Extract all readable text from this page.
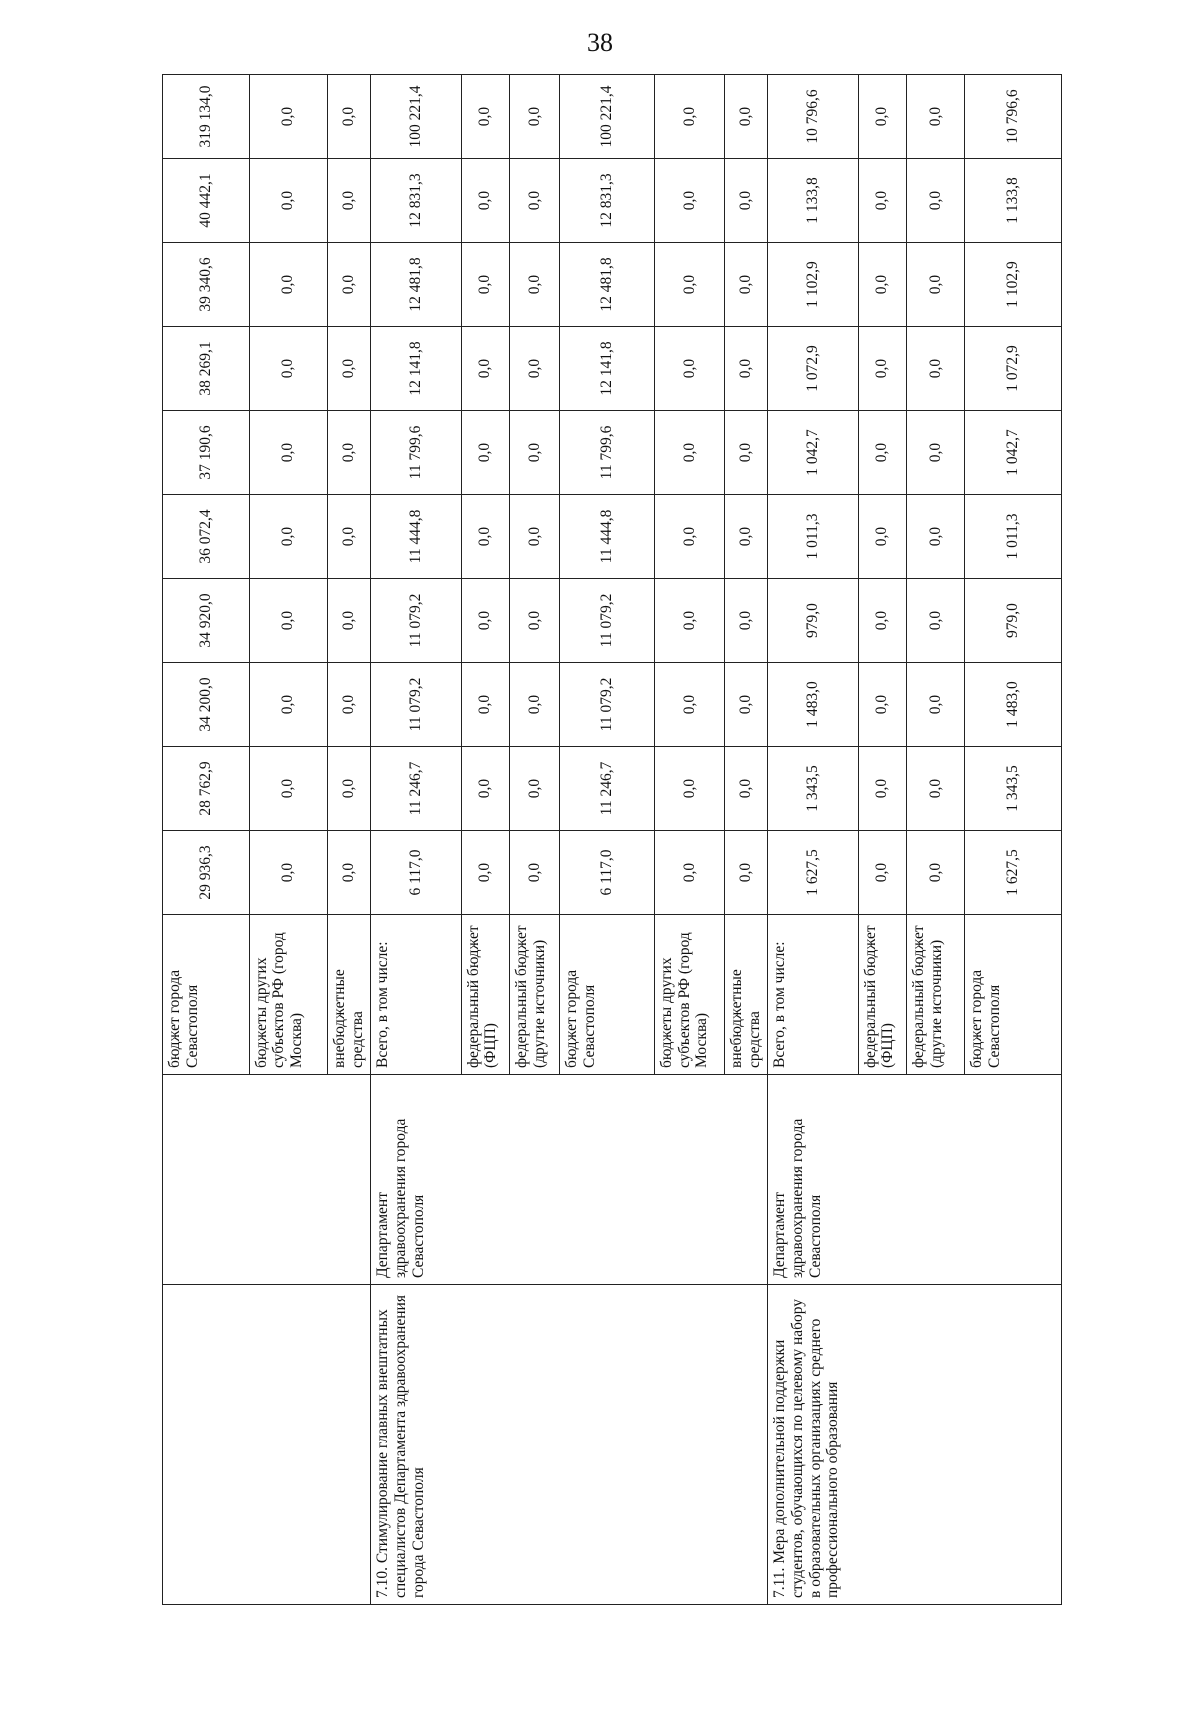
38
		бюджет города Севастополя	29 936,3	28 762,9	34 200,0	34 920,0	36 072,4	37 190,6	38 269,1	39 340,6	40 442,1	319 134,0
		бюджеты других субъектов РФ (город Москва)	0,0	0,0	0,0	0,0	0,0	0,0	0,0	0,0	0,0	0,0
		внебюджетные средства	0,0	0,0	0,0	0,0	0,0	0,0	0,0	0,0	0,0	0,0
7.10. Стимулирование главных внештатных специалистов Департамента здравоохранения города Севастополя	Департамент здравоохранения города Севастополя	Всего, в том числе:	6 117,0	11 246,7	11 079,2	11 079,2	11 444,8	11 799,6	12 141,8	12 481,8	12 831,3	100 221,4
		федеральный бюджет (ФЦП)	0,0	0,0	0,0	0,0	0,0	0,0	0,0	0,0	0,0	0,0
		федеральный бюджет (другие источники)	0,0	0,0	0,0	0,0	0,0	0,0	0,0	0,0	0,0	0,0
		бюджет города Севастополя	6 117,0	11 246,7	11 079,2	11 079,2	11 444,8	11 799,6	12 141,8	12 481,8	12 831,3	100 221,4
		бюджеты других субъектов РФ (город Москва)	0,0	0,0	0,0	0,0	0,0	0,0	0,0	0,0	0,0	0,0
		внебюджетные средства	0,0	0,0	0,0	0,0	0,0	0,0	0,0	0,0	0,0	0,0
7.11. Мера дополнительной поддержки студентов, обучающихся по целевому набору в образовательных организациях среднего профессионального образования	Департамент здравоохранения города Севастополя	Всего, в том числе:	1 627,5	1 343,5	1 483,0	979,0	1 011,3	1 042,7	1 072,9	1 102,9	1 133,8	10 796,6
		федеральный бюджет (ФЦП)	0,0	0,0	0,0	0,0	0,0	0,0	0,0	0,0	0,0	0,0
		федеральный бюджет (другие источники)	0,0	0,0	0,0	0,0	0,0	0,0	0,0	0,0	0,0	0,0
		бюджет города Севастополя	1 627,5	1 343,5	1 483,0	979,0	1 011,3	1 042,7	1 072,9	1 102,9	1 133,8	10 796,6
